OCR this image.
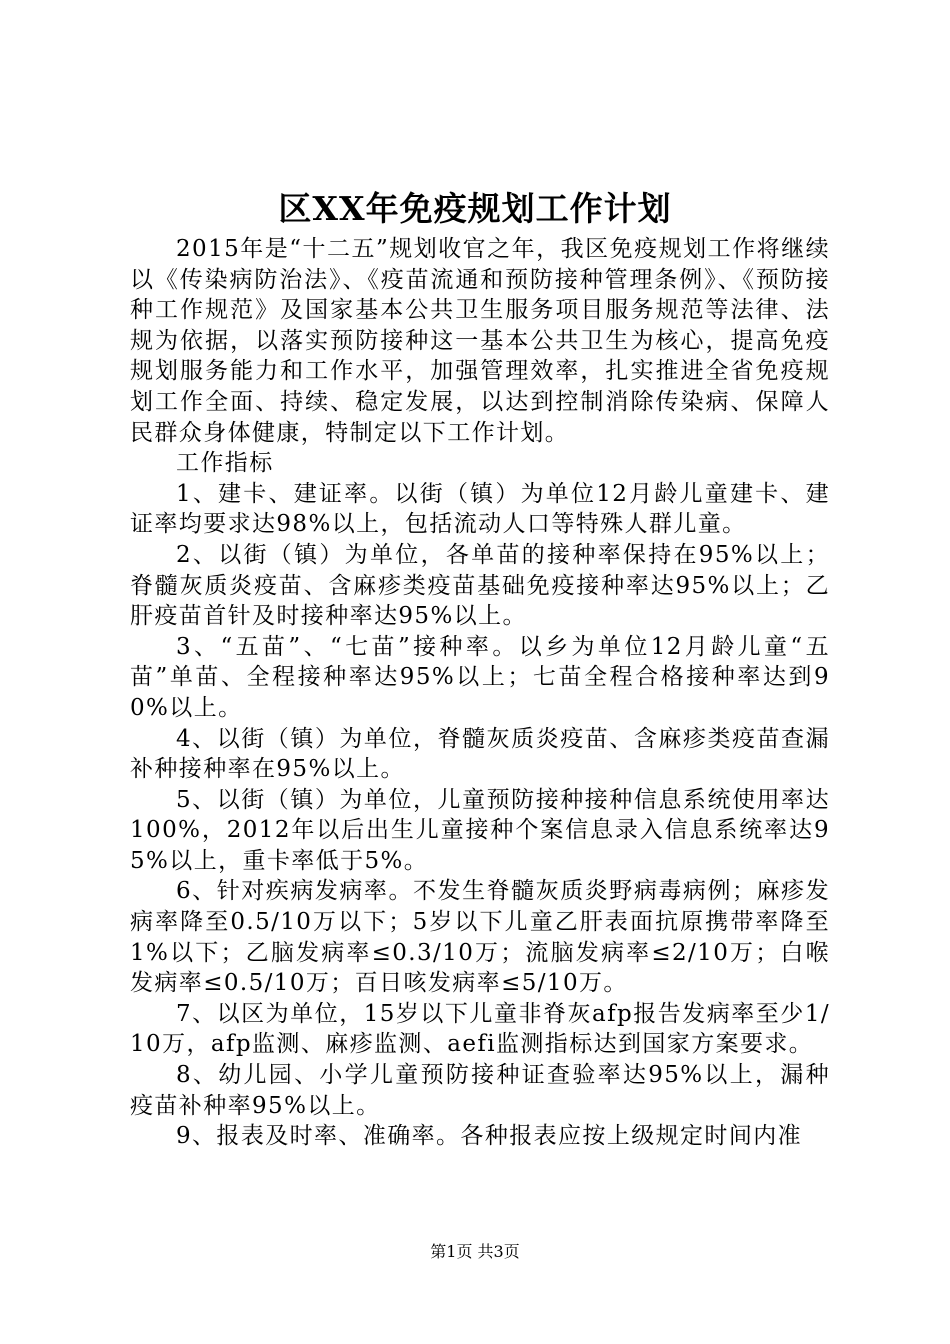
区XX年免疫规划工作计划

2015年是“十二五”规划收官之年，我区免疫规划工作将继续以《传染病防治法》、《疫苗流通和预防接种管理条例》、《预防接种工作规范》及国家基本公共卫生服务项目服务规范等法律、法规为依据，以落实预防接种这一基本公共卫生为核心，提高免疫规划服务能力和工作水平，加强管理效率，扎实推进全省免疫规划工作全面、持续、稳定发展，以达到控制消除传染病、保障人民群众身体健康，特制定以下工作计划。

工作指标

1、建卡、建证率。以街（镇）为单位12月龄儿童建卡、建证率均要求达98%以上，包括流动人口等特殊人群儿童。

2、以街（镇）为单位，各单苗的接种率保持在95%以上；脊髓灰质炎疫苗、含麻疹类疫苗基础免疫接种率达95%以上；乙肝疫苗首针及时接种率达95%以上。

3、“五苗”、“七苗”接种率。以乡为单位12月龄儿童“五苗”单苗、全程接种率达95%以上；七苗全程合格接种率达到90%以上。

4、以街（镇）为单位，脊髓灰质炎疫苗、含麻疹类疫苗查漏补种接种率在95%以上。

5、以街（镇）为单位，儿童预防接种接种信息系统使用率达100%，2012年以后出生儿童接种个案信息录入信息系统率达95%以上，重卡率低于5%。

6、针对疾病发病率。不发生脊髓灰质炎野病毒病例；麻疹发病率降至0.5/10万以下；5岁以下儿童乙肝表面抗原携带率降至1%以下；乙脑发病率≤0.3/10万；流脑发病率≤2/10万；白喉发病率≤0.5/10万；百日咳发病率≤5/10万。

7、以区为单位，15岁以下儿童非脊灰afp报告发病率至少1/10万，afp监测、麻疹监测、aefi监测指标达到国家方案要求。

8、幼儿园、小学儿童预防接种证查验率达95%以上，漏种疫苗补种率95%以上。

9、报表及时率、准确率。各种报表应按上级规定时间内准

第1页 共3页
